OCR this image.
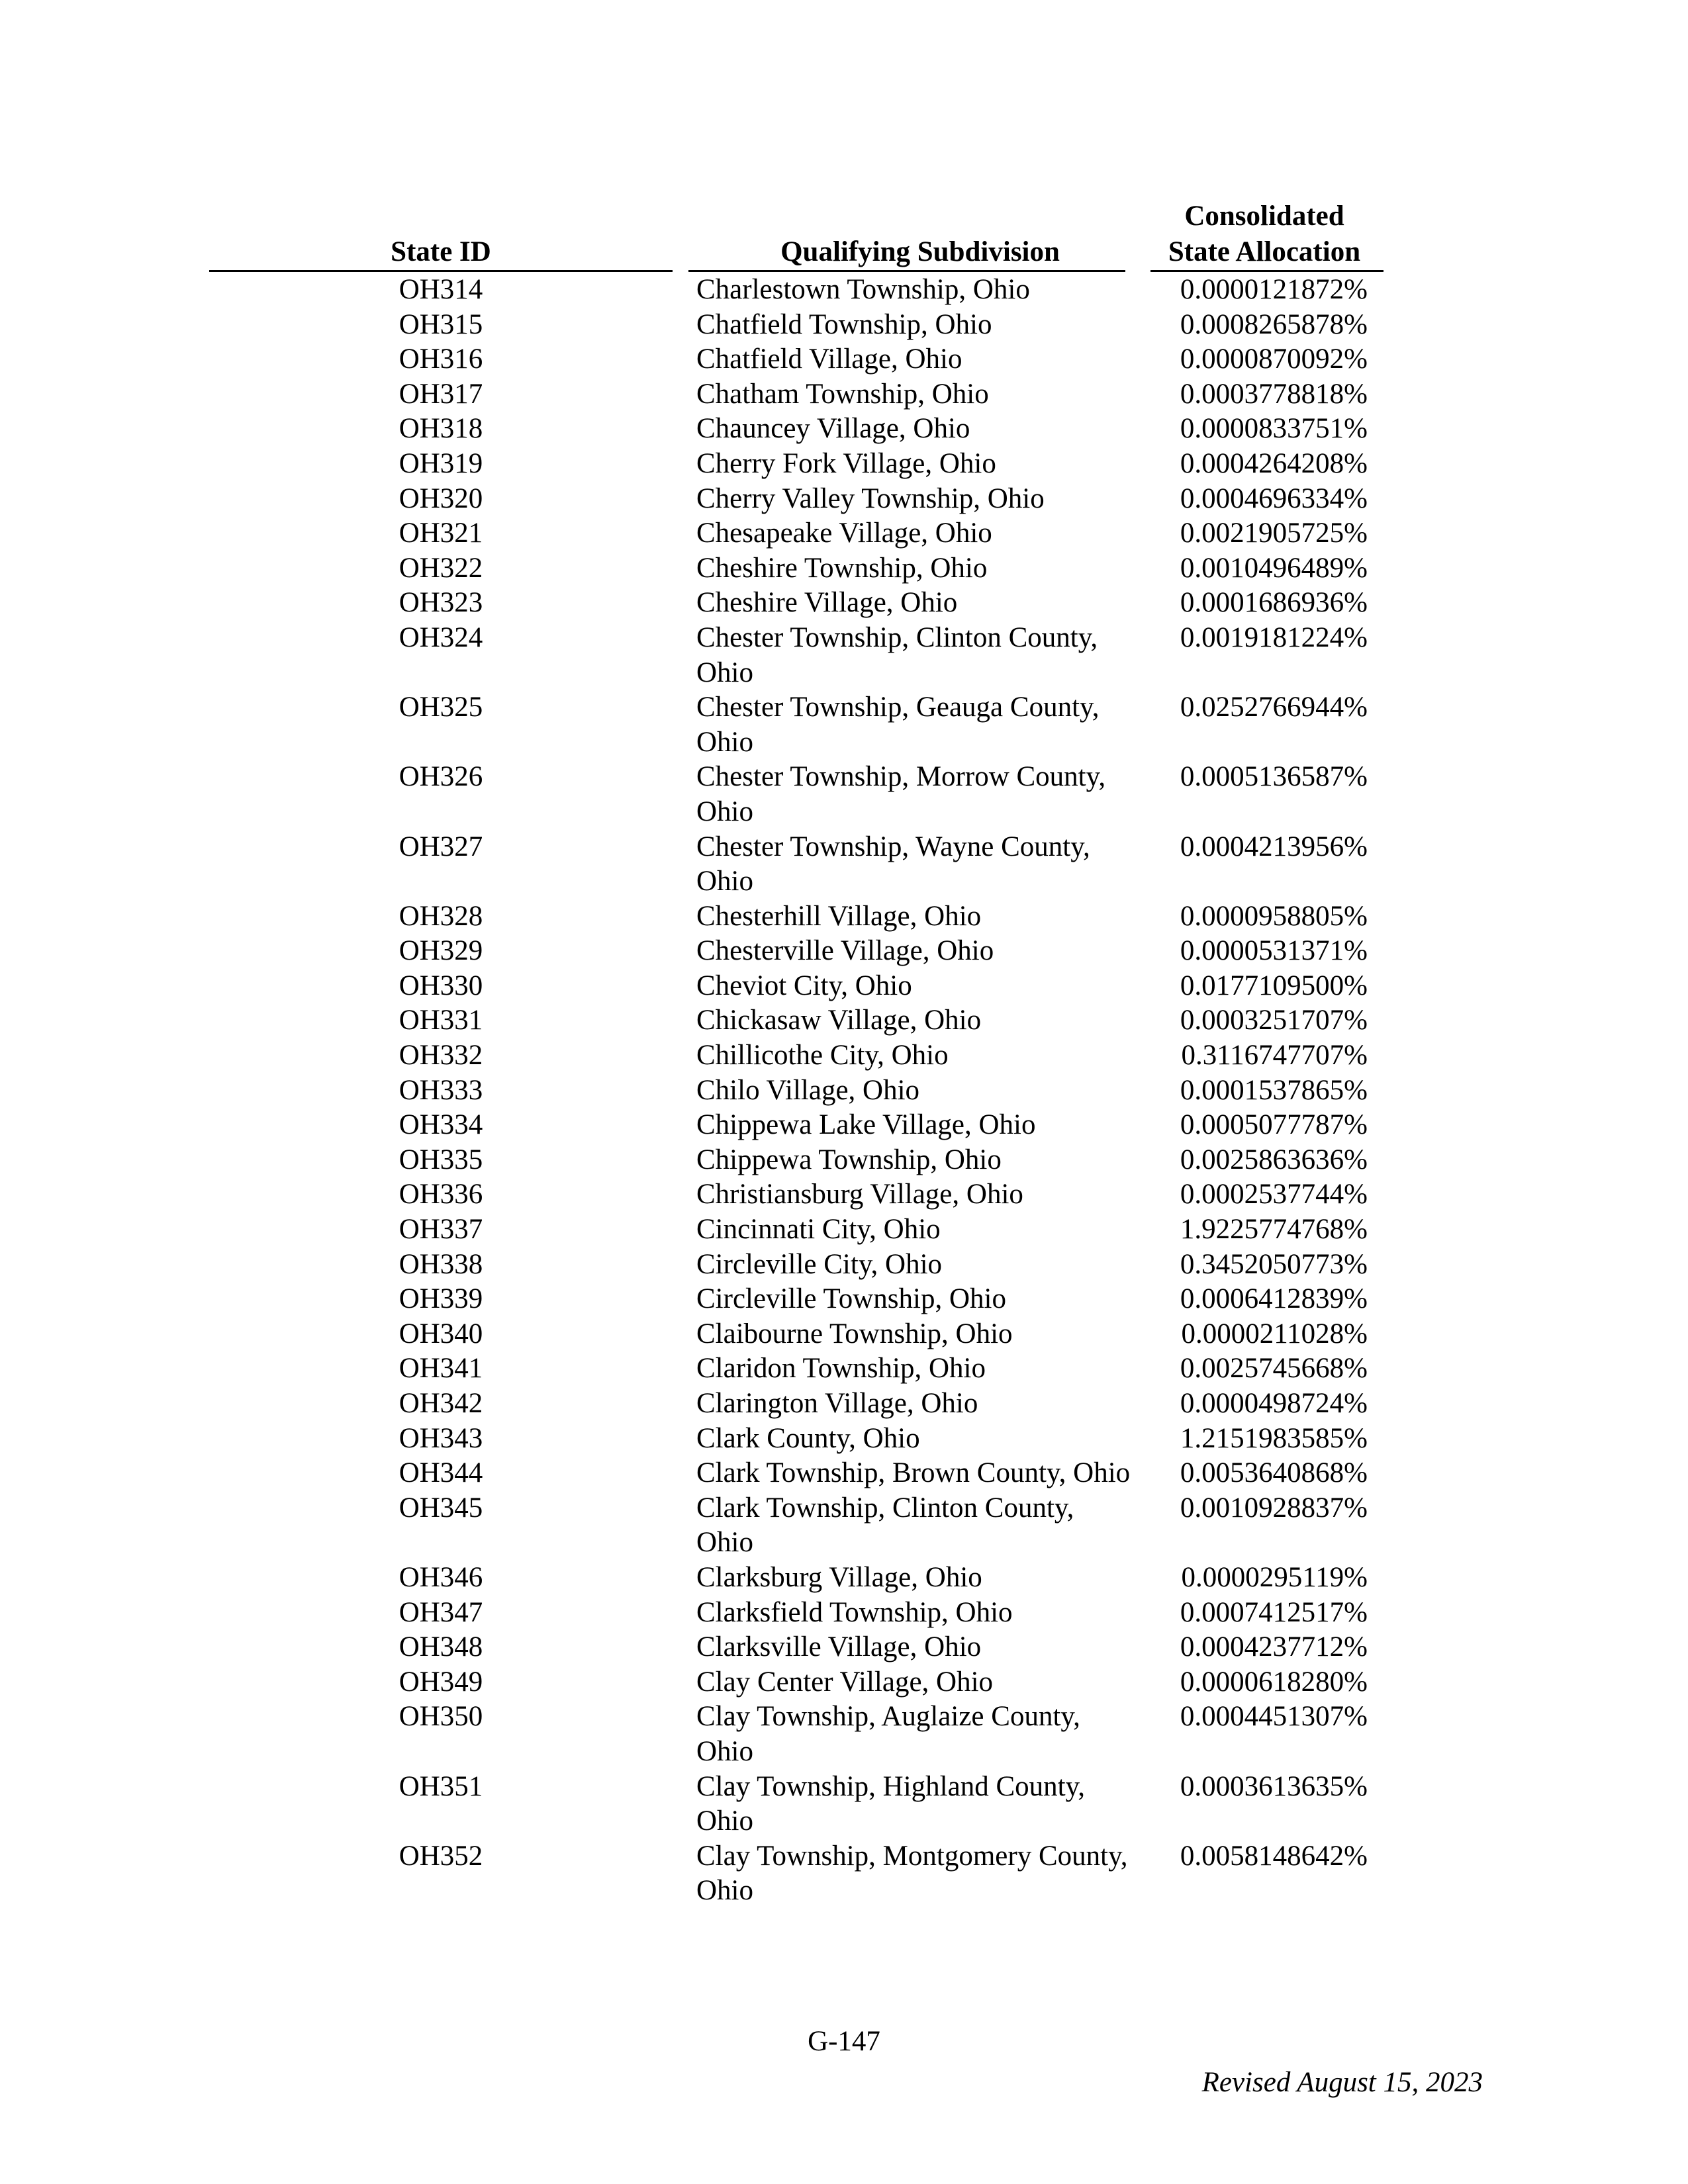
State ID	Qualifying Subdivision
Consolidated
State Allocation
OH314	Charlestown Township, Ohio	0.0000121872%
OH315	Chatfield Township, Ohio	0.0008265878%
OH316	Chatfield Village, Ohio	0.0000870092%
OH317	Chatham Township, Ohio	0.0003778818%
OH318	Chauncey Village, Ohio	0.0000833751%
OH319	Cherry Fork Village, Ohio	0.0004264208%
OH320	Cherry Valley Township, Ohio	0.0004696334%
OH321	Chesapeake Village, Ohio	0.0021905725%
OH322	Cheshire Township, Ohio	0.0010496489%
OH323	Cheshire Village, Ohio	0.0001686936%
OH324	Chester Township, Clinton County, Ohio
0.0019181224%
OH325	Chester Township, Geauga County, Ohio
0.0252766944%
OH326	Chester Township, Morrow County, Ohio
0.0005136587%
OH327	Chester Township, Wayne County, Ohio
0.0004213956%
OH328	Chesterhill Village, Ohio	0.0000958805%
OH329	Chesterville Village, Ohio	0.0000531371%
OH330	Cheviot City, Ohio	0.0177109500%
OH331	Chickasaw Village, Ohio	0.0003251707%
OH332	Chillicothe City, Ohio	0.3116747707%
OH333	Chilo Village, Ohio	0.0001537865%
OH334	Chippewa Lake Village, Ohio	0.0005077787%
OH335	Chippewa Township, Ohio	0.0025863636%
OH336	Christiansburg Village, Ohio	0.0002537744%
OH337	Cincinnati City, Ohio	1.9225774768%
OH338	Circleville City, Ohio	0.3452050773%
OH339	Circleville Township, Ohio	0.0006412839%
OH340	Claibourne Township, Ohio	0.0000211028%
OH341	Claridon Township, Ohio	0.0025745668%
OH342	Clarington Village, Ohio	0.0000498724%
OH343	Clark County, Ohio	1.2151983585%
OH344	Clark Township, Brown County, Ohio	0.0053640868%
OH345	Clark Township, Clinton County, Ohio
0.0010928837%
OH346	Clarksburg Village, Ohio	0.0000295119%
OH347	Clarksfield Township, Ohio	0.0007412517%
OH348	Clarksville Village, Ohio	0.0004237712%
OH349	Clay Center Village, Ohio	0.0000618280%
OH350	Clay Township, Auglaize County, Ohio
0.0004451307%
OH351	Clay Township, Highland County, Ohio
0.0003613635%
OH352	Clay Township, Montgomery County, Ohio
0.0058148642%
G-147
Revised August 15, 2023
